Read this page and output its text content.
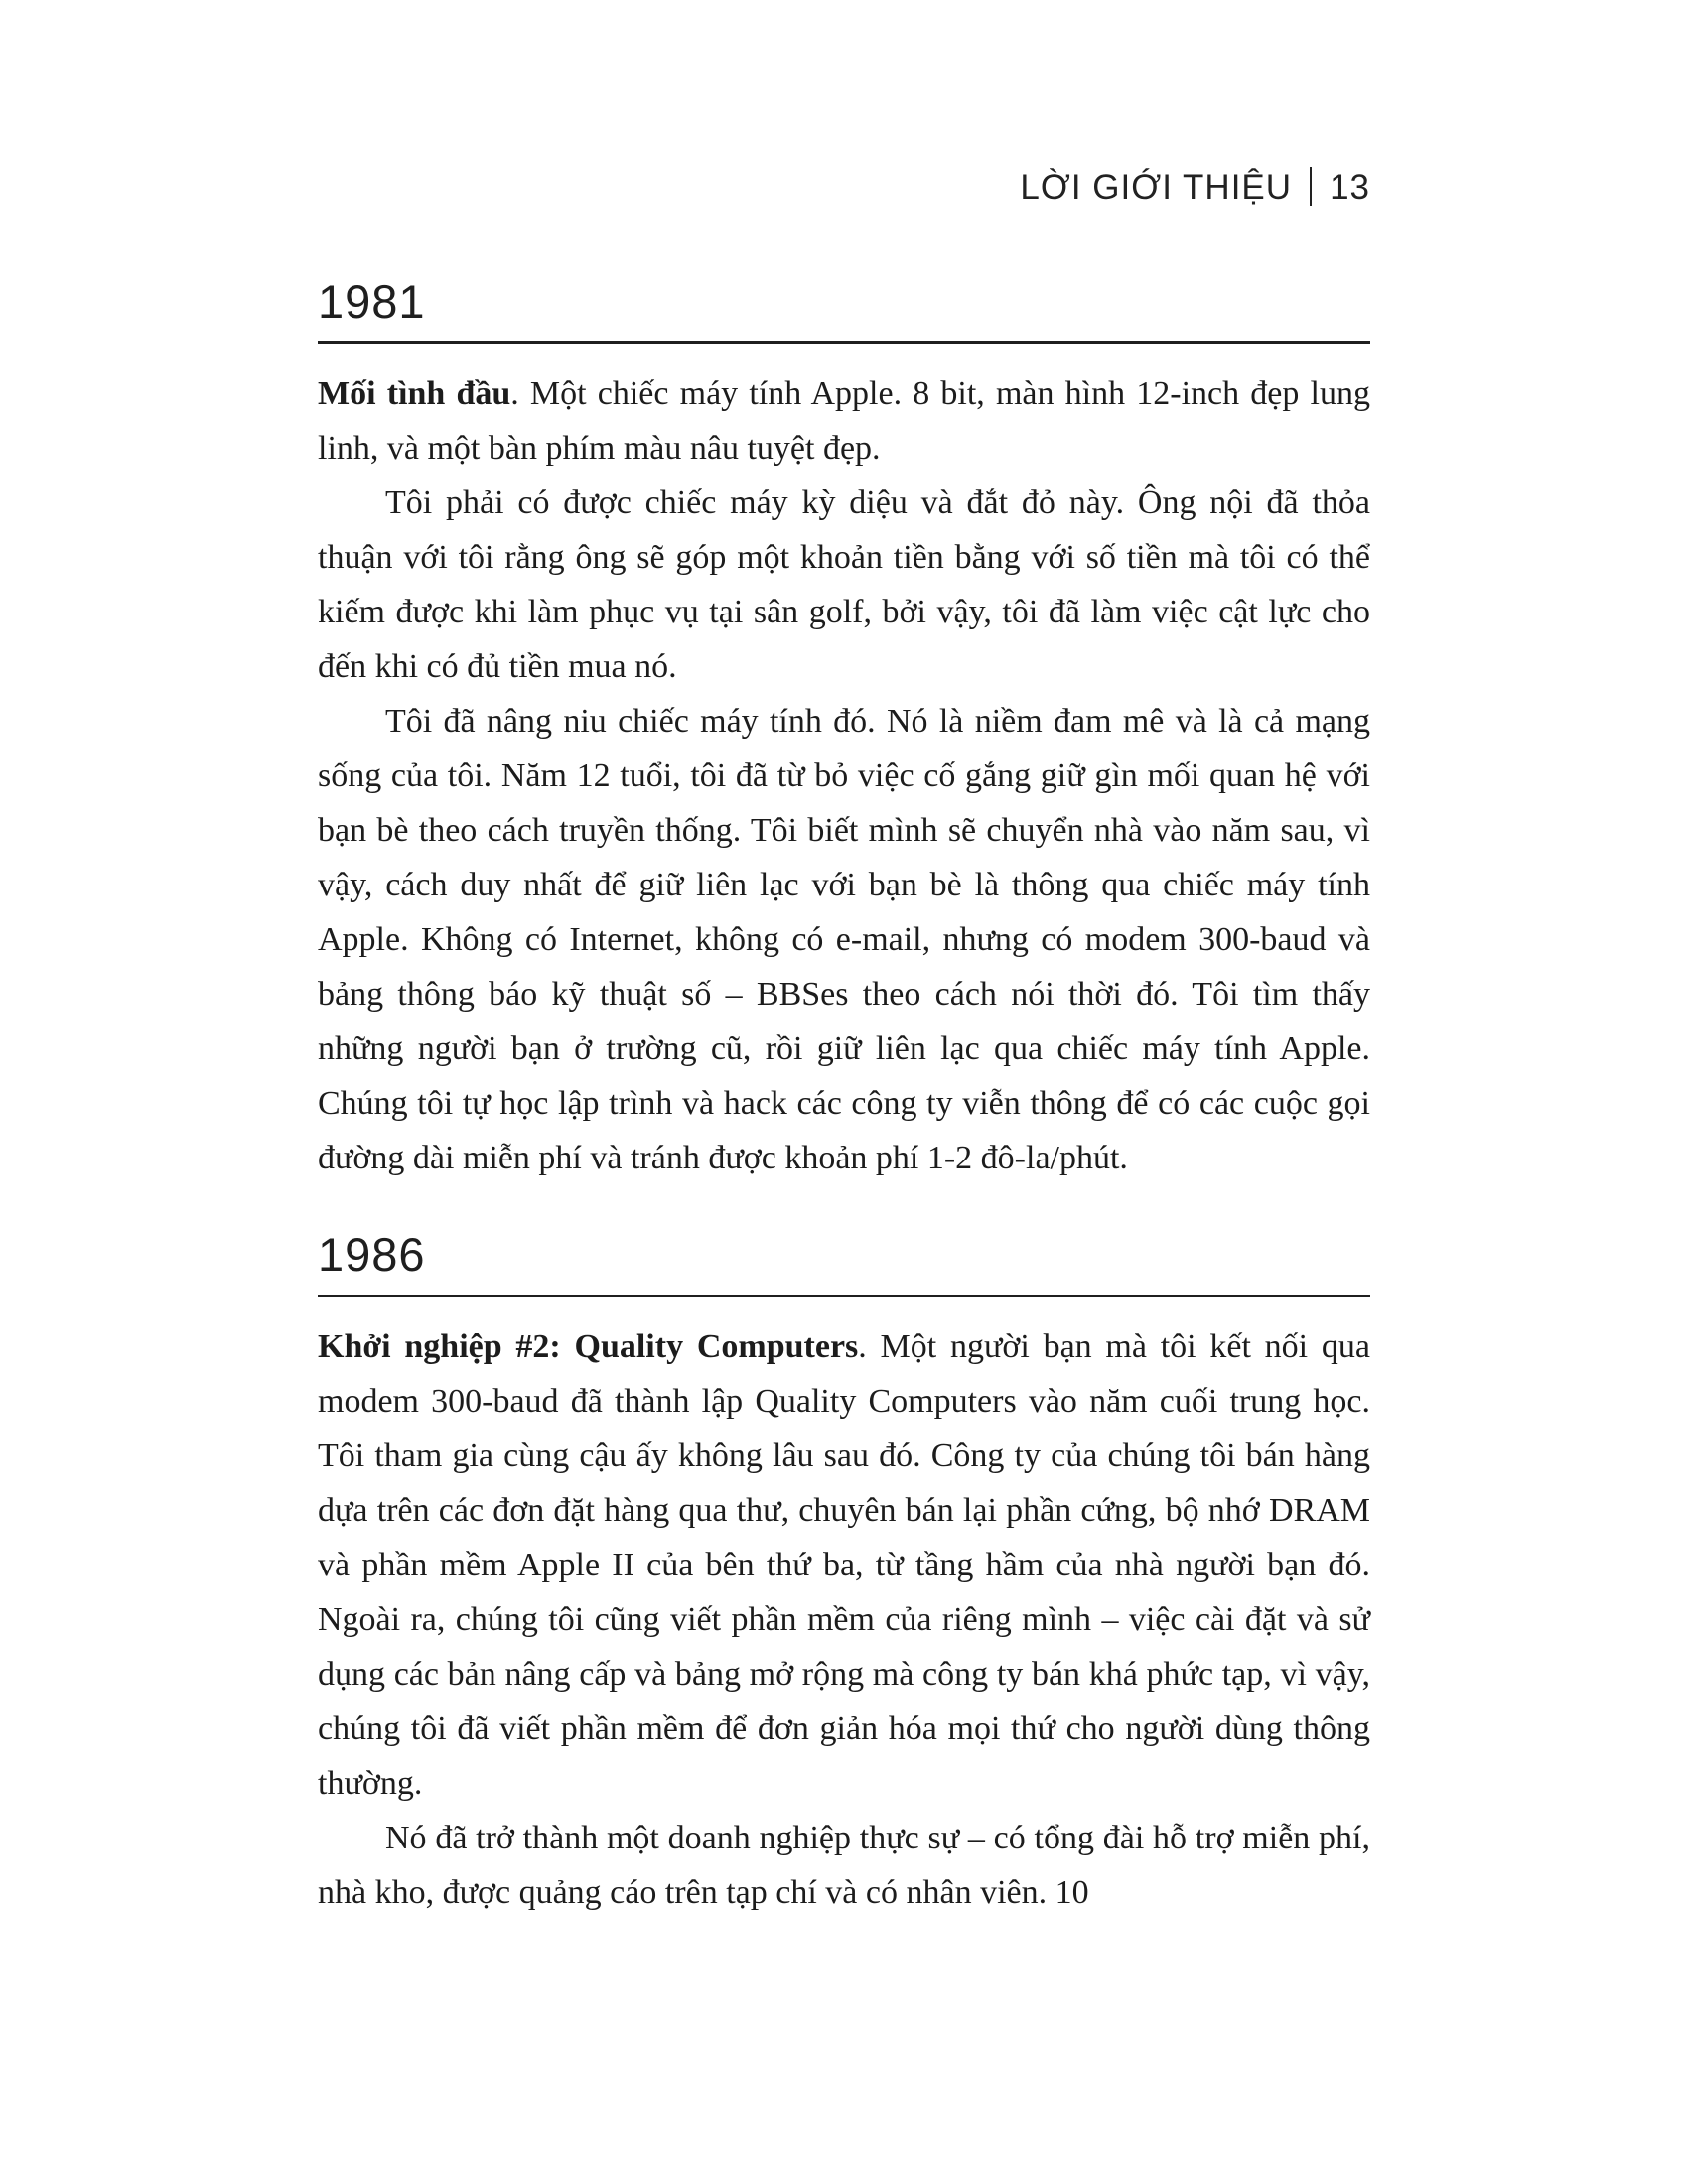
LỜI GIỚI THIỆU 13
1981

Mối tình đầu. Một chiếc máy tính Apple. 8 bit, màn hình 12-inch đẹp lung linh, và một bàn phím màu nâu tuyệt đẹp.

Tôi phải có được chiếc máy kỳ diệu và đắt đỏ này. Ông nội đã thỏa thuận với tôi rằng ông sẽ góp một khoản tiền bằng với số tiền mà tôi có thể kiếm được khi làm phục vụ tại sân golf, bởi vậy, tôi đã làm việc cật lực cho đến khi có đủ tiền mua nó.

Tôi đã nâng niu chiếc máy tính đó. Nó là niềm đam mê và là cả mạng sống của tôi. Năm 12 tuổi, tôi đã từ bỏ việc cố gắng giữ gìn mối quan hệ với bạn bè theo cách truyền thống. Tôi biết mình sẽ chuyển nhà vào năm sau, vì vậy, cách duy nhất để giữ liên lạc với bạn bè là thông qua chiếc máy tính Apple. Không có Internet, không có e-mail, nhưng có modem 300-baud và bảng thông báo kỹ thuật số – BBSes theo cách nói thời đó. Tôi tìm thấy những người bạn ở trường cũ, rồi giữ liên lạc qua chiếc máy tính Apple. Chúng tôi tự học lập trình và hack các công ty viễn thông để có các cuộc gọi đường dài miễn phí và tránh được khoản phí 1-2 đô-la/phút.

1986

Khởi nghiệp #2: Quality Computers. Một người bạn mà tôi kết nối qua modem 300-baud đã thành lập Quality Computers vào năm cuối trung học. Tôi tham gia cùng cậu ấy không lâu sau đó. Công ty của chúng tôi bán hàng dựa trên các đơn đặt hàng qua thư, chuyên bán lại phần cứng, bộ nhớ DRAM và phần mềm Apple II của bên thứ ba, từ tầng hầm của nhà người bạn đó. Ngoài ra, chúng tôi cũng viết phần mềm của riêng mình – việc cài đặt và sử dụng các bản nâng cấp và bảng mở rộng mà công ty bán khá phức tạp, vì vậy, chúng tôi đã viết phần mềm để đơn giản hóa mọi thứ cho người dùng thông thường.

Nó đã trở thành một doanh nghiệp thực sự – có tổng đài hỗ trợ miễn phí, nhà kho, được quảng cáo trên tạp chí và có nhân viên. 10
